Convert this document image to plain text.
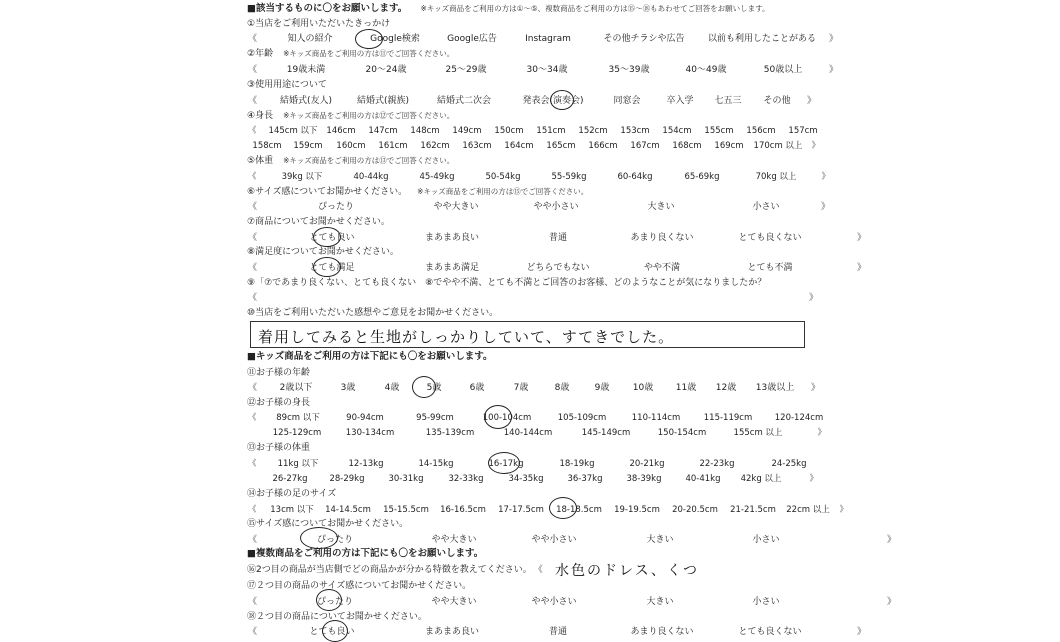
■該当するものに〇をお願いします。 ※キッズ商品をご利用の方は①〜⑤、複数商品をご利用の方は⑮〜⑱もあわせてご回答をお願いします。
①当店をご利用いただいたきっかけ
《	知人の紹介	Google検索	Google広告	Instagram	その他チラシや広告	以前も利用したことがある	》
②年齢 ※キッズ商品をご利用の方は⑪でご回答ください。
《	19歳未満	20〜24歳	25〜29歳	30〜34歳	35〜39歳	40〜49歳	50歳以上	》
③使用用途について
《	結婚式(友人)	結婚式(親族)	結婚式二次会	発表会(演奏会)	同窓会	卒入学	七五三	その他	》
④身長 ※キッズ商品をご利用の方は⑫でご回答ください。
《	145cm 以下	146cm	147cm	148cm	149cm	150cm	151cm	152cm	153cm	154cm	155cm	156cm	157cm
158cm	159cm	160cm	161cm	162cm	163cm	164cm	165cm	166cm	167cm	168cm	169cm	170cm 以上	》
⑤体重 ※キッズ商品をご利用の方は⑬でご回答ください。
《	39kg 以下	40-44kg	45-49kg	50-54kg	55-59kg	60-64kg	65-69kg	70kg 以上	》
⑥サイズ感についてお聞かせください。 ※キッズ商品をご利用の方は⑮でご回答ください。
《	ぴったり	やや大きい	やや小さい	大きい	小さい	》
⑦商品についてお聞かせください。
《	とても良い	まあまあ良い	普通	あまり良くない	とても良くない	》
⑧満足度についてお聞かせください。
《	とても満足	まあまあ満足	どちらでもない	やや不満	とても不満	》
⑨「⑦であまり良くない、とても良くない　⑧でやや不満、とても不満とご回答のお客様、どのようなことが気になりましたか？
《	》
⑩当店をご利用いただいた感想やご意見をお聞かせください。
着用してみると生地がしっかりしていて、すてきでした。
■キッズ商品をご利用の方は下記にも〇をお願いします。
⑪お子様の年齢
《	2歳以下	3歳	4歳	5歳	6歳	7歳	8歳	9歳	10歳	11歳	12歳	13歳以上	》
⑫お子様の身長
《	89cm 以下	90-94cm	95-99cm	100-104cm	105-109cm	110-114cm	115-119cm	120-124cm
125-129cm	130-134cm	135-139cm	140-144cm	145-149cm	150-154cm	155cm 以上	》
⑬お子様の体重
《	11kg 以下	12-13kg	14-15kg	16-17kg	18-19kg	20-21kg	22-23kg	24-25kg
26-27kg	28-29kg	30-31kg	32-33kg	34-35kg	36-37kg	38-39kg	40-41kg	42kg 以上	》
⑭お子様の足のサイズ
《	13cm 以下	14-14.5cm	15-15.5cm	16-16.5cm	17-17.5cm	18-18.5cm	19-19.5cm	20-20.5cm	21-21.5cm	22cm 以上	》
⑮サイズ感についてお聞かせください。
《	ぴったり	やや大きい	やや小さい	大きい	小さい	》
■複数商品をご利用の方は下記にも〇をお願いします。
⑯2つ目の商品が当店側でどの商品かが分かる特徴を教えてください。 《 水色のドレス、くつ
⑰２つ目の商品のサイズ感についてお聞かせください。
《	ぴったり	やや大きい	やや小さい	大きい	小さい	》
⑱２つ目の商品についてお聞かせください。
《	とても良い	まあまあ良い	普通	あまり良くない	とても良くない	》
